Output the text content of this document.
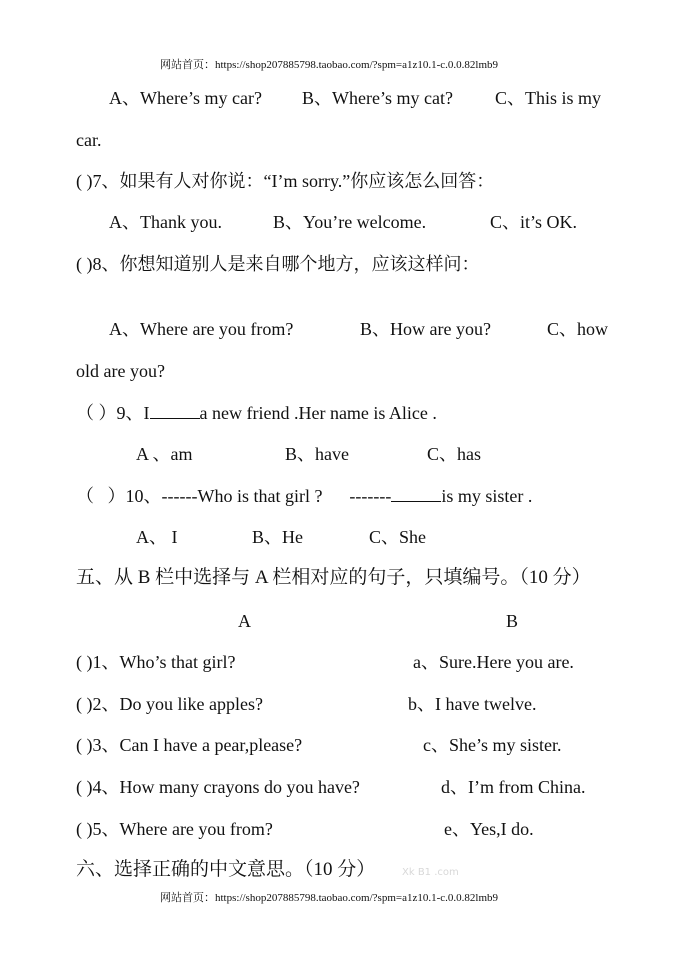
网站首页：https://shop207885798.taobao.com/?spm=a1z10.1-c.0.0.82lmb9
A、Where’s my car? B、Where’s my cat? C、This is my
car.
( )7、如果有人对你说：“I’m sorry.”你应该怎么回答：
A、Thank you.	B、You’re welcome.	C、it’s OK.
( )8、你想知道别人是来自哪个地方，应该这样问：
A、Where are you from?	B、How are you?	C、how
old are you?
（ ）9、I	a new friend .Her name is Alice .
A 、am	B、have	C、has
（   ）10、------Who is that girl ?      -------	is my sister .
A、 I	B、He	C、She
五、从 B 栏中选择与 A 栏相对应的句子，只填编号。（10 分）
A	B
( )1、Who’s that girl?	a、Sure.Here you are.
( )2、Do you like apples?	b、I have twelve.
( )3、Can I have a pear,please?	c、She’s my sister.
( )4、How many crayons do you have?	d、I’m from China.
( )5、Where are you from?	e、Yes,I do.
六、选择正确的中文意思。（10 分）	Xk B1 .com
网站首页：https://shop207885798.taobao.com/?spm=a1z10.1-c.0.0.82lmb9
